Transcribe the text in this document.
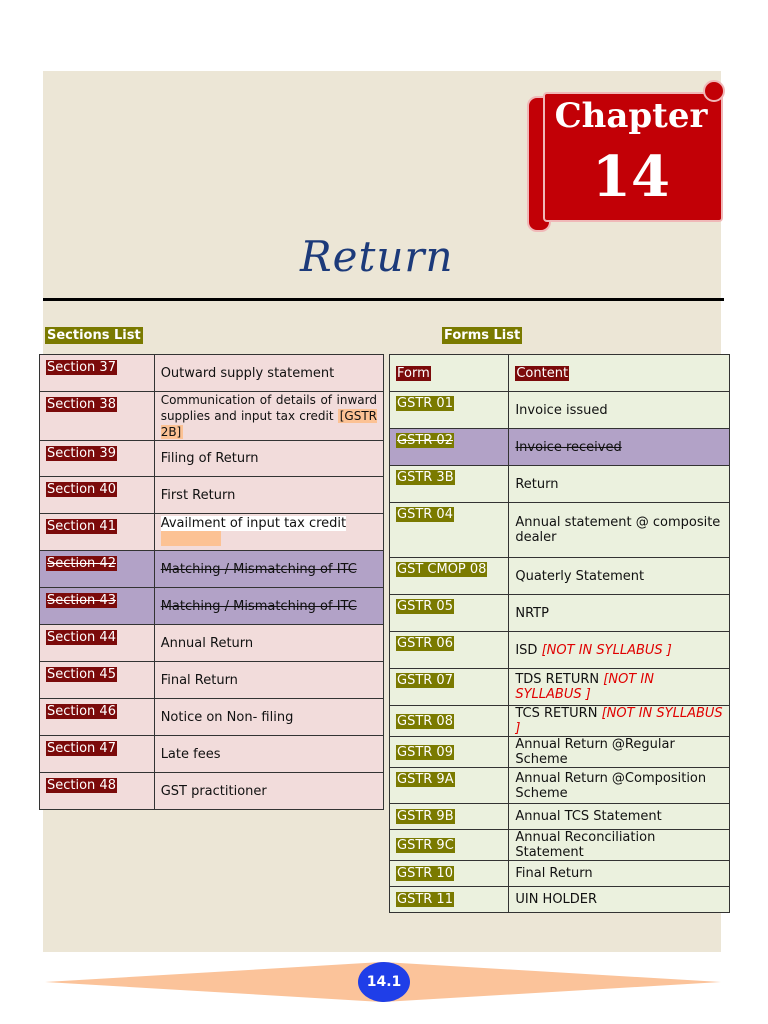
Chapter
14
Return
Sections List	Forms List
Section 37	Outward supply statement
Section 38	Communication of details of inward supplies and input tax credit [GSTR 2B]
Section 39	Filing of Return
Section 40	First Return
Section 41	Availment of input tax credit
Section 42	Matching / Mismatching of ITC
Section 43	Matching / Mismatching of ITC
Section 44	Annual Return
Section 45	Final Return
Section 46	Notice on Non- filing
Section 47	Late fees
Section 48	GST practitioner
Form	Content
GSTR 01	Invoice issued
GSTR 02	Invoice received
GSTR 3B	Return
GSTR 04	Annual statement @ composite dealer
GST CMOP 08	Quaterly Statement
GSTR 05	NRTP
GSTR 06	ISD [NOT IN SYLLABUS ]
GSTR 07	TDS RETURN [NOT IN SYLLABUS ]
GSTR 08	TCS RETURN [NOT IN SYLLABUS ]
GSTR 09	Annual Return @Regular Scheme
GSTR 9A	Annual Return @Composition Scheme
GSTR 9B	Annual TCS Statement
GSTR 9C	Annual Reconciliation Statement
GSTR 10	Final Return
GSTR 11	UIN HOLDER
14.1
